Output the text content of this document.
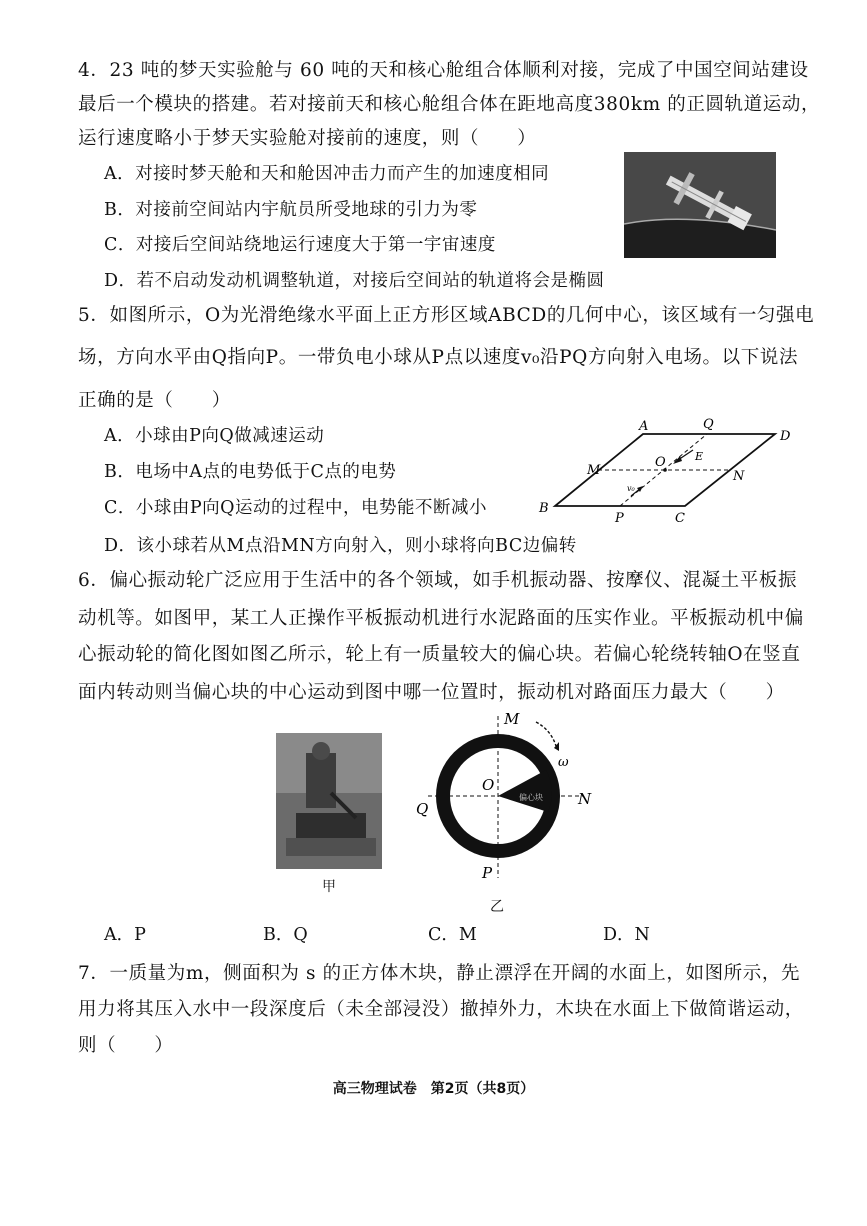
4．23 吨的梦天实验舱与 60 吨的天和核心舱组合体顺利对接，完成了中国空间站建设
最后一个模块的搭建。若对接前天和核心舱组合体在距地高度380km 的正圆轨道运动，
运行速度略小于梦天实验舱对接前的速度，则（　　）
A．对接时梦天舱和天和舱因冲击力而产生的加速度相同
B．对接前空间站内宇航员所受地球的引力为零
C．对接后空间站绕地运行速度大于第一宇宙速度
D．若不启动发动机调整轨道，对接后空间站的轨道将会是椭圆
5．如图所示，O为光滑绝缘水平面上正方形区域ABCD的几何中心，该区域有一匀强电
场，方向水平由Q指向P。一带负电小球从P点以速度v₀沿PQ方向射入电场。以下说法
正确的是（　　）
A．小球由P向Q做减速运动
B．电场中A点的电势低于C点的电势
C．小球由P向Q运动的过程中，电势能不断减小
D．该小球若从M点沿MN方向射入，则小球将向BC边偏转
A	Q
D
M
O	E
N
B
P	C
v₀
6．偏心振动轮广泛应用于生活中的各个领域，如手机振动器、按摩仪、混凝土平板振
动机等。如图甲，某工人正操作平板振动机进行水泥路面的压实作业。平板振动机中偏
心振动轮的简化图如图乙所示，轮上有一质量较大的偏心块。若偏心轮绕转轴O在竖直
面内转动则当偏心块的中心运动到图中哪一位置时，振动机对路面压力最大（　　）
甲
M
N
P
Q
O
ω
偏心块
乙
A．P	B．Q	C．M	D．N
7．一质量为m，侧面积为 s 的正方体木块，静止漂浮在开阔的水面上，如图所示，先
用力将其压入水中一段深度后（未全部浸没）撤掉外力，木块在水面上下做简谐运动，
则（　　）
高三物理试卷　第2页（共8页）
